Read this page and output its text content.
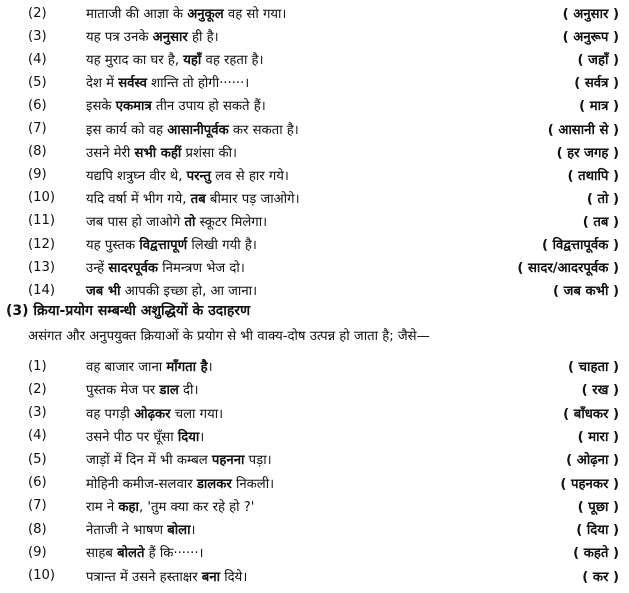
(2)	माताजी की आज्ञा के अनुकूल वह सो गया।	( अनुसार )
(3)	यह पत्र उनके अनुसार ही है।	( अनुरूप )
(4)	यह मुराद का घर है, यहाँ वह रहता है।	( जहाँ )
(5)	देश में सर्वस्व शान्ति तो होगी······।	( सर्वत्र )
(6)	इसके एकमात्र तीन उपाय हो सकते हैं।	( मात्र )
(7)	इस कार्य को वह आसानीपूर्वक कर सकता है।	( आसानी से )
(8)	उसने मेरी सभी कहीं प्रशंसा की।	( हर जगह )
(9)	यद्यपि शत्रुघ्न वीर थे, परन्तु लव से हार गये।	( तथापि )
(10)	यदि वर्षा में भीग गये, तब बीमार पड़ जाओगे।	( तो )
(11)	जब पास हो जाओगे तो स्कूटर मिलेगा।	( तब )
(12)	यह पुस्तक विद्वत्तापूर्ण लिखी गयी है।	( विद्वत्तापूर्वक )
(13)	उन्हें सादरपूर्वक निमन्त्रण भेज दो।	( सादर/आदरपूर्वक )
(14)	जब भी आपकी इच्छा हो, आ जाना।	( जब कभी )
(3) क्रिया-प्रयोग सम्बन्धी अशुद्धियों के उदाहरण
असंगत और अनुपयुक्त क्रियाओं के प्रयोग से भी वाक्य-दोष उत्पन्न हो जाता है; जैसे—
(1)	वह बाजार जाना माँगता है।	( चाहता )
(2)	पुस्तक मेज पर डाल दी।	( रख )
(3)	वह पगड़ी ओढ़कर चला गया।	( बाँधकर )
(4)	उसने पीठ पर घूँसा दिया।	( मारा )
(5)	जाड़ों में दिन में भी कम्बल पहनना पड़ा।	( ओढ़ना )
(6)	मोहिनी कमीज-सलवार डालकर निकली।	( पहनकर )
(7)	राम ने कहा, 'तुम क्या कर रहे हो ?'	( पूछा )
(8)	नेताजी ने भाषण बोला।	( दिया )
(9)	साहब बोलते हैं कि······।	( कहते )
(10)	पत्रान्त में उसने हस्ताक्षर बना दिये।	( कर )
